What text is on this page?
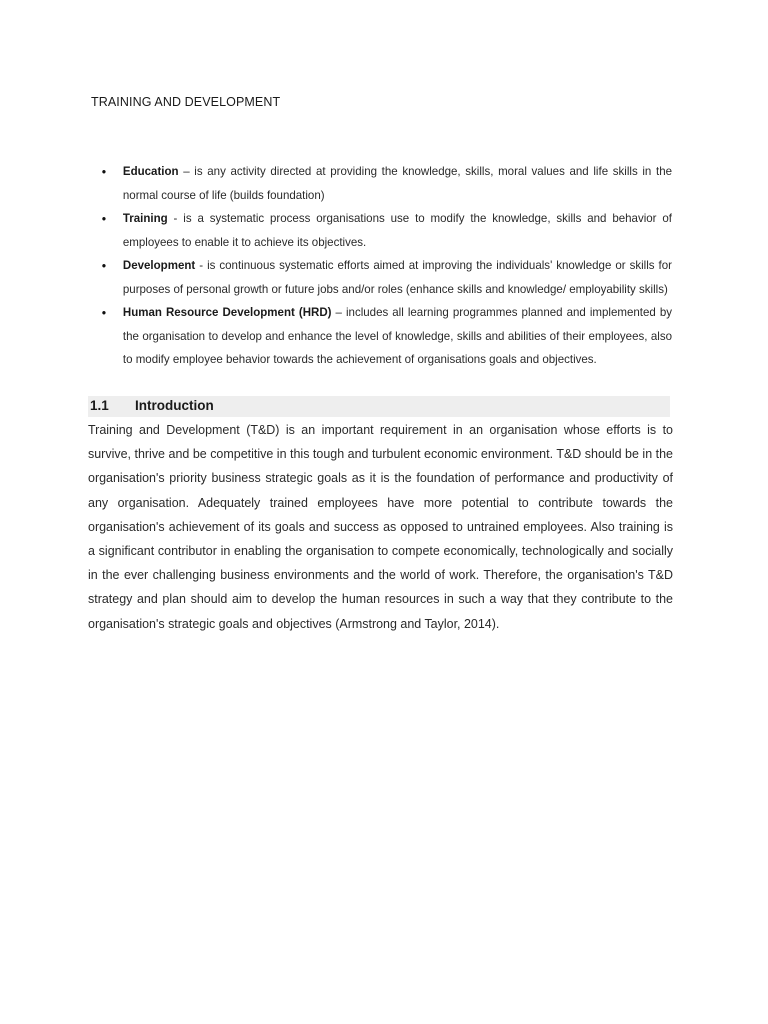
TRAINING AND DEVELOPMENT
• Education – is any activity directed at providing the knowledge, skills, moral values and life skills in the normal course of life (builds foundation)
• Training - is a systematic process organisations use to modify the knowledge, skills and behavior of employees to enable it to achieve its objectives.
• Development - is continuous systematic efforts aimed at improving the individuals' knowledge or skills for purposes of personal growth or future jobs and/or roles (enhance skills and knowledge/ employability skills)
• Human Resource Development (HRD) – includes all learning programmes planned and implemented by the organisation to develop and enhance the level of knowledge, skills and abilities of their employees, also to modify employee behavior towards the achievement of organisations goals and objectives.
1.1 Introduction

Training and Development (T&D) is an important requirement in an organisation whose efforts is to survive, thrive and be competitive in this tough and turbulent economic environment. T&D should be in the organisation's priority business strategic goals as it is the foundation of performance and productivity of any organisation. Adequately trained employees have more potential to contribute towards the organisation's achievement of its goals and success as opposed to untrained employees. Also training is a significant contributor in enabling the organisation to compete economically, technologically and socially in the ever challenging business environments and the world of work. Therefore, the organisation's T&D strategy and plan should aim to develop the human resources in such a way that they contribute to the organisation's strategic goals and objectives (Armstrong and Taylor, 2014).
